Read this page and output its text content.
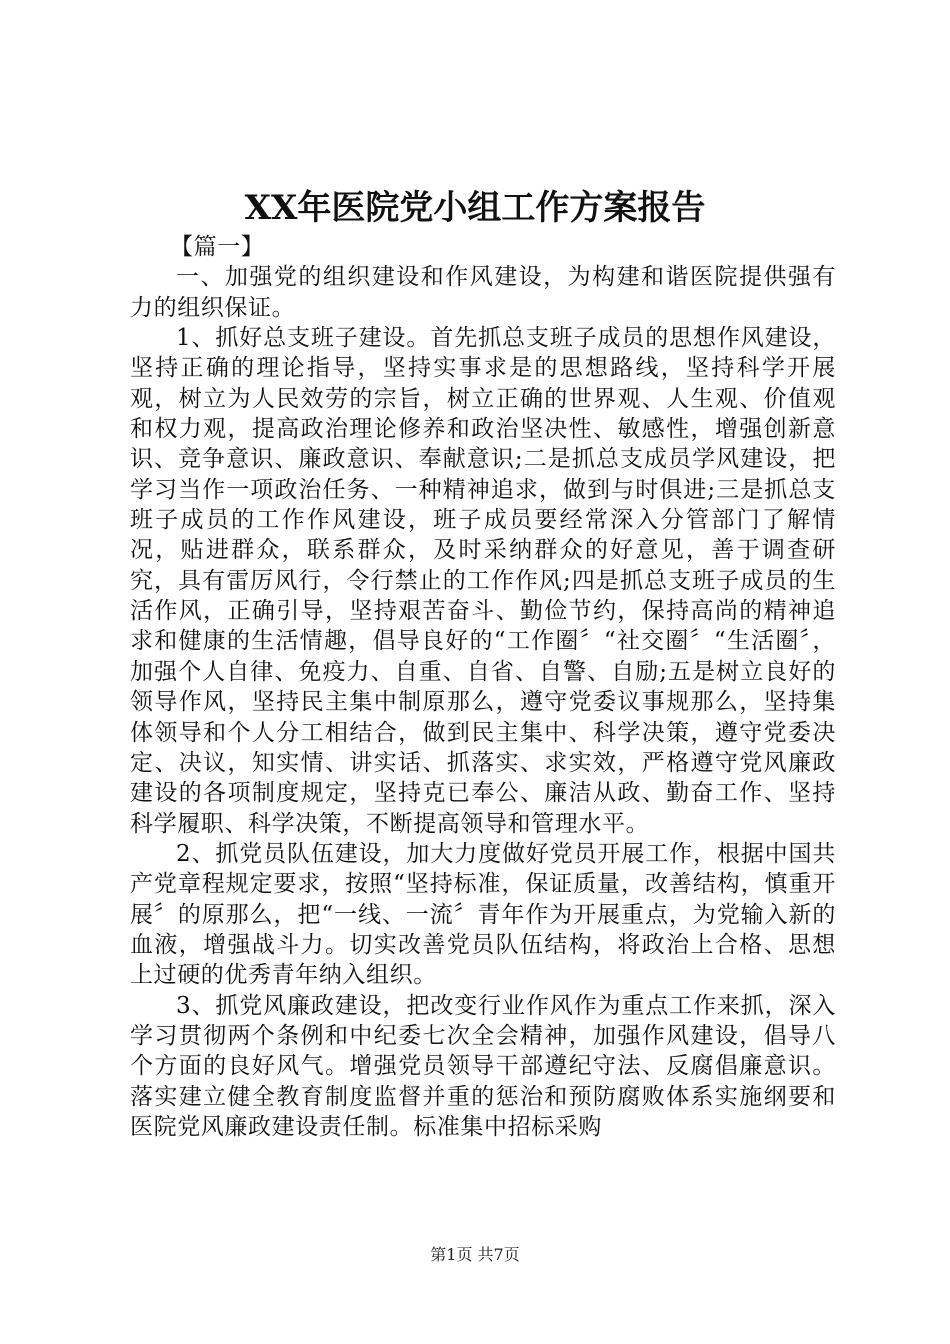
XX年医院党小组工作方案报告

【篇一】

一、加强党的组织建设和作风建设，为构建和谐医院提供强有力的组织保证。

1、抓好总支班子建设。首先抓总支班子成员的思想作风建设，坚持正确的理论指导，坚持实事求是的思想路线，坚持科学开展观，树立为人民效劳的宗旨，树立正确的世界观、人生观、价值观和权力观，提高政治理论修养和政治坚决性、敏感性，增强创新意识、竞争意识、廉政意识、奉献意识;二是抓总支成员学风建设，把学习当作一项政治任务、一种精神追求，做到与时俱进;三是抓总支班子成员的工作作风建设，班子成员要经常深入分管部门了解情况，贴进群众，联系群众，及时采纳群众的好意见，善于调查研究，具有雷厉风行，令行禁止的工作作风;四是抓总支班子成员的生活作风，正确引导，坚持艰苦奋斗、勤俭节约，保持高尚的精神追求和健康的生活情趣，倡导良好的“工作圈〞“社交圈〞“生活圈〞，加强个人自律、免疫力、自重、自省、自警、自励;五是树立良好的领导作风，坚持民主集中制原那么，遵守党委议事规那么，坚持集体领导和个人分工相结合，做到民主集中、科学决策，遵守党委决定、决议，知实情、讲实话、抓落实、求实效，严格遵守党风廉政建设的各项制度规定，坚持克已奉公、廉洁从政、勤奋工作、坚持科学履职、科学决策，不断提高领导和管理水平。

2、抓党员队伍建设，加大力度做好党员开展工作，根据中国共产党章程规定要求，按照“坚持标准，保证质量，改善结构，慎重开展〞的原那么，把“一线、一流〞青年作为开展重点，为党输入新的血液，增强战斗力。切实改善党员队伍结构，将政治上合格、思想上过硬的优秀青年纳入组织。

3、抓党风廉政建设，把改变行业作风作为重点工作来抓，深入学习贯彻两个条例和中纪委七次全会精神，加强作风建设，倡导八个方面的良好风气。增强党员领导干部遵纪守法、反腐倡廉意识。落实建立健全教育制度监督并重的惩治和预防腐败体系实施纲要和医院党风廉政建设责任制。标准集中招标采购

第1页 共7页
